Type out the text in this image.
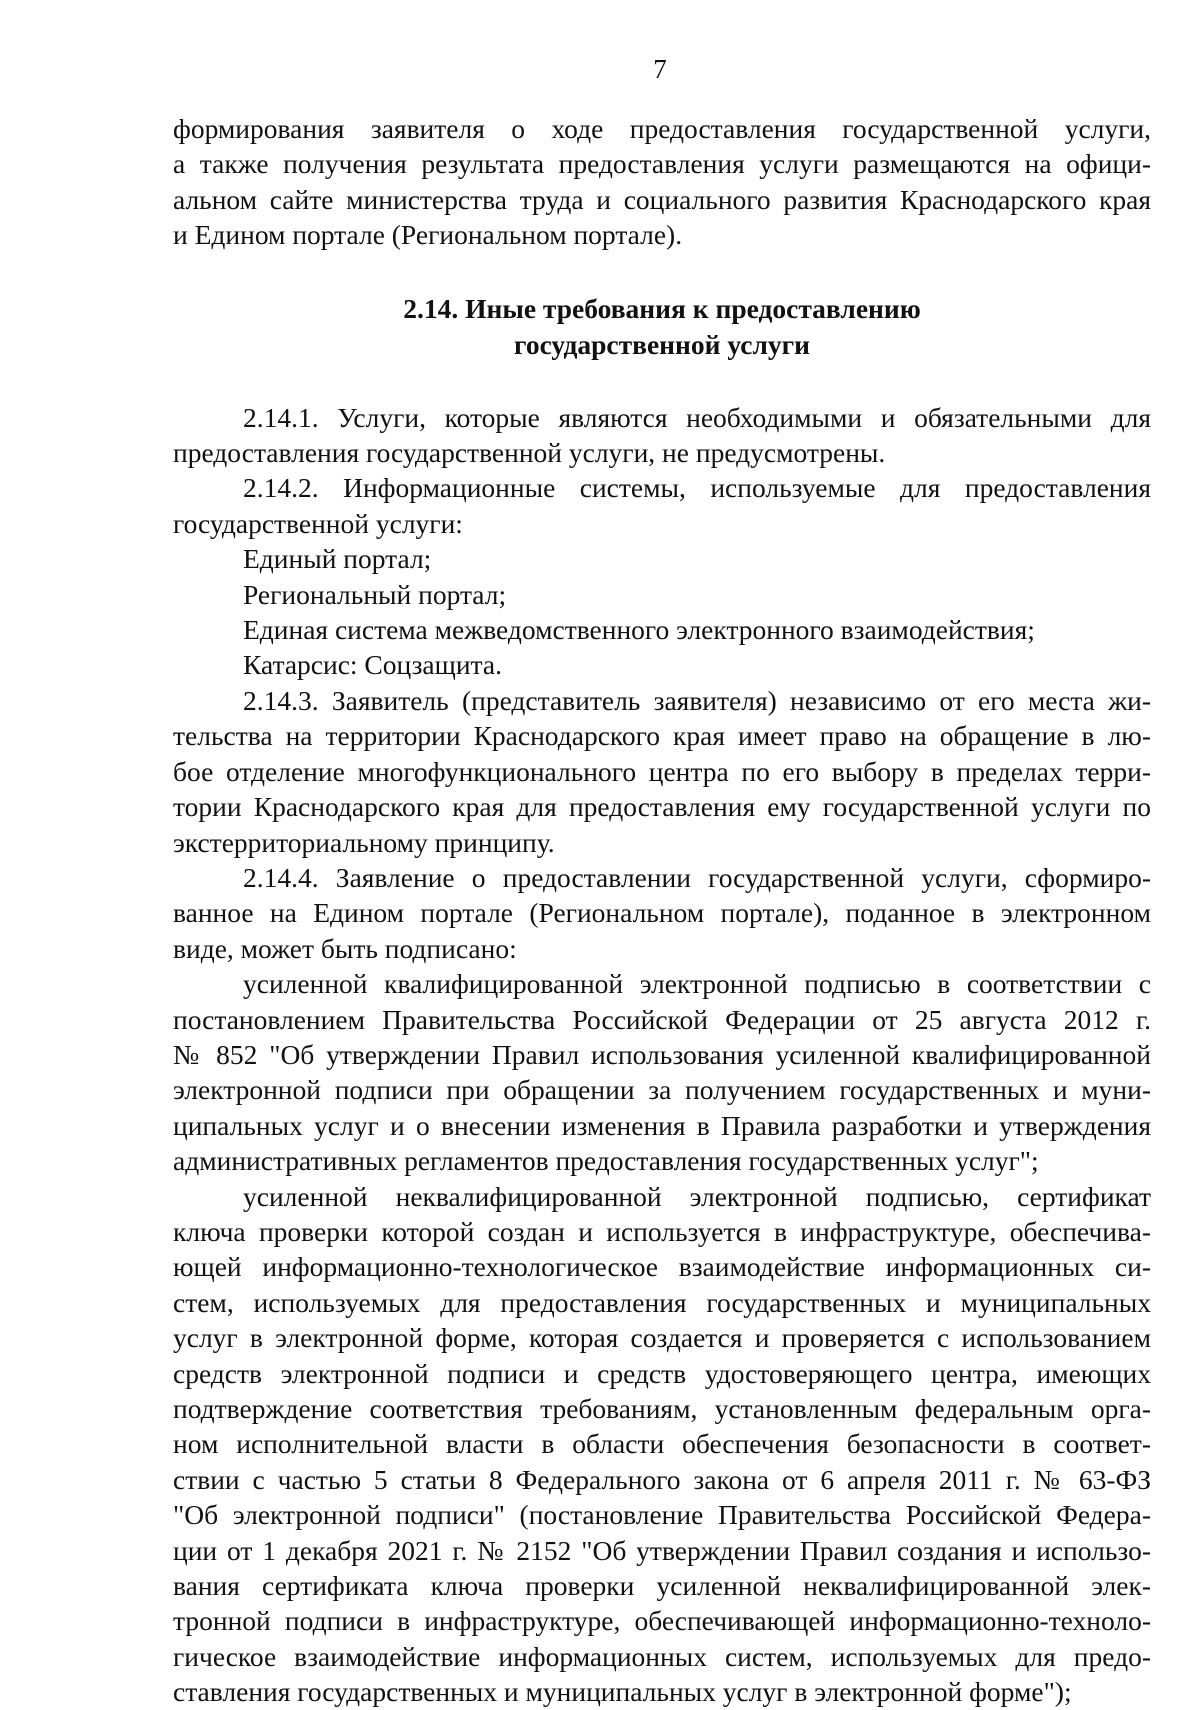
7
формирования заявителя о ходе предоставления государственной услуги,
а также получения результата предоставления услуги размещаются на офици-
альном сайте министерства труда и социального развития Краснодарского края
и Едином портале (Региональном портале).
2.14. Иные требования к предоставлению
государственной услуги
2.14.1. Услуги, которые являются необходимыми и обязательными для
предоставления государственной услуги, не предусмотрены.
2.14.2. Информационные системы, используемые для предоставления
государственной услуги:
Единый портал;
Региональный портал;
Единая система межведомственного электронного взаимодействия;
Катарсис: Соцзащита.
2.14.3. Заявитель (представитель заявителя) независимо от его места жи-
тельства на территории Краснодарского края имеет право на обращение в лю-
бое отделение многофункционального центра по его выбору в пределах терри-
тории Краснодарского края для предоставления ему государственной услуги по
экстерриториальному принципу.
2.14.4. Заявление о предоставлении государственной услуги, сформиро-
ванное на Едином портале (Региональном портале), поданное в электронном
виде, может быть подписано:
усиленной квалифицированной электронной подписью в соответствии с
постановлением Правительства Российской Федерации от 25 августа 2012 г.
№ 852 "Об утверждении Правил использования усиленной квалифицированной
электронной подписи при обращении за получением государственных и муни-
ципальных услуг и о внесении изменения в Правила разработки и утверждения
административных регламентов предоставления государственных услуг";
усиленной неквалифицированной электронной подписью, сертификат
ключа проверки которой создан и используется в инфраструктуре, обеспечива-
ющей информационно-технологическое взаимодействие информационных си-
стем, используемых для предоставления государственных и муниципальных
услуг в электронной форме, которая создается и проверяется с использованием
средств электронной подписи и средств удостоверяющего центра, имеющих
подтверждение соответствия требованиям, установленным федеральным орга-
ном исполнительной власти в области обеспечения безопасности в соответ-
ствии с частью 5 статьи 8 Федерального закона от 6 апреля 2011 г. № 63-ФЗ
"Об электронной подписи" (постановление Правительства Российской Федера-
ции от 1 декабря 2021 г. № 2152 "Об утверждении Правил создания и использо-
вания сертификата ключа проверки усиленной неквалифицированной элек-
тронной подписи в инфраструктуре, обеспечивающей информационно-техноло-
гическое взаимодействие информационных систем, используемых для предо-
ставления государственных и муниципальных услуг в электронной форме");
